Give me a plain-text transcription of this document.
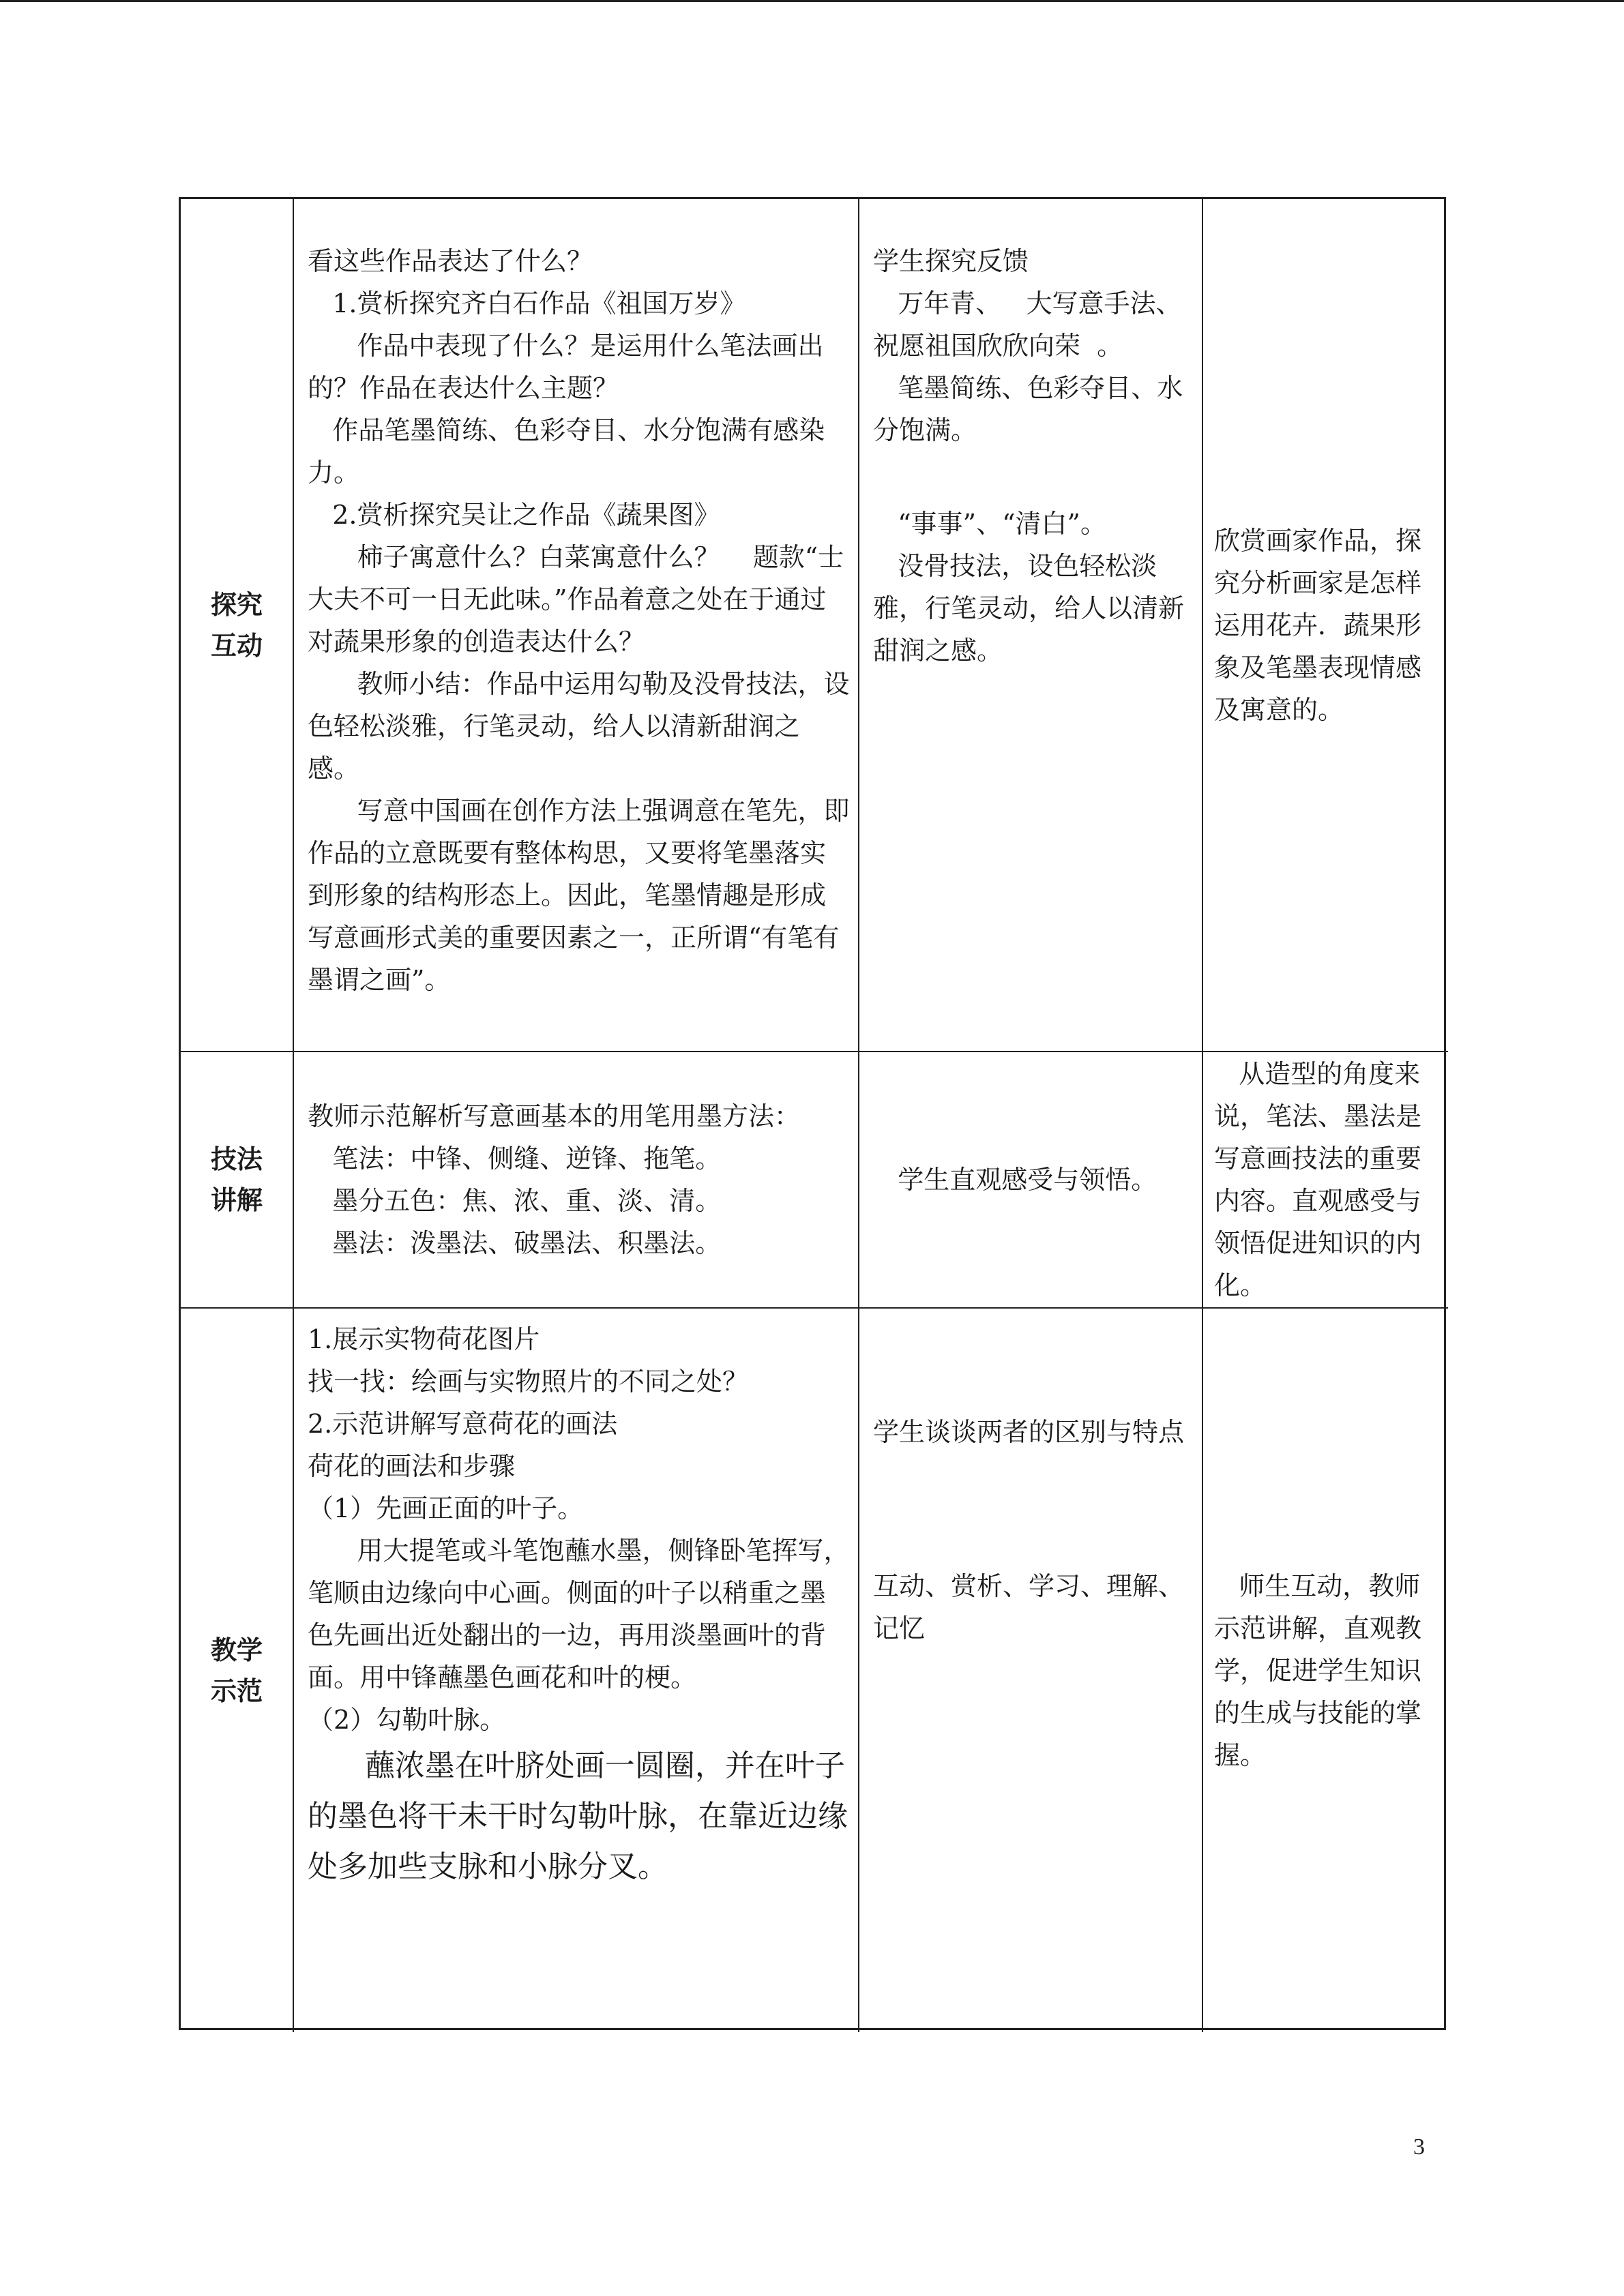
探究
互动

看这些作品表达了什么？

1.赏析探究齐白石作品《祖国万岁》

作品中表现了什么？是运用什么笔法画出的？作品在表达什么主题？

作品笔墨简练、色彩夺目、水分饱满有感染力。

2.赏析探究吴让之作品《蔬果图》

柿子寓意什么？白菜寓意什么？    题款“士大夫不可一日无此味。”作品着意之处在于通过对蔬果形象的创造表达什么？

教师小结：作品中运用勾勒及没骨技法，设色轻松淡雅，行笔灵动，给人以清新甜润之感。

写意中国画在创作方法上强调意在笔先，即作品的立意既要有整体构思，又要将笔墨落实到形象的结构形态上。因此，笔墨情趣是形成写意画形式美的重要因素之一，正所谓“有笔有墨谓之画”。

学生探究反馈

万年青、   大写意手法、   祝愿祖国欣欣向荣  。

笔墨简练、色彩夺目、水分饱满。

“事事”、“清白”。

没骨技法，设色轻松淡雅，行笔灵动，给人以清新甜润之感。

欣赏画家作品，探究分析画家是怎样运用花卉．蔬果形象及笔墨表现情感及寓意的。

技法
讲解

教师示范解析写意画基本的用笔用墨方法：

笔法：中锋、侧缝、逆锋、拖笔。

墨分五色：焦、浓、重、淡、清。

墨法：泼墨法、破墨法、积墨法。

学生直观感受与领悟。

从造型的角度来说，笔法、墨法是写意画技法的重要内容。直观感受与领悟促进知识的内化。

教学
示范

1.展示实物荷花图片

找一找：绘画与实物照片的不同之处？

2.示范讲解写意荷花的画法

荷花的画法和步骤

（1）先画正面的叶子。

用大提笔或斗笔饱蘸水墨，侧锋卧笔挥写，笔顺由边缘向中心画。侧面的叶子以稍重之墨色先画出近处翻出的一边，再用淡墨画叶的背面。用中锋蘸墨色画花和叶的梗。

（2）勾勒叶脉。

蘸浓墨在叶脐处画一圆圈，并在叶子的墨色将干未干时勾勒叶脉，在靠近边缘处多加些支脉和小脉分叉。

学生谈谈两者的区别与特点

互动、赏析、学习、理解、记忆

师生互动，教师示范讲解，直观教学，促进学生知识的生成与技能的掌握。

3
